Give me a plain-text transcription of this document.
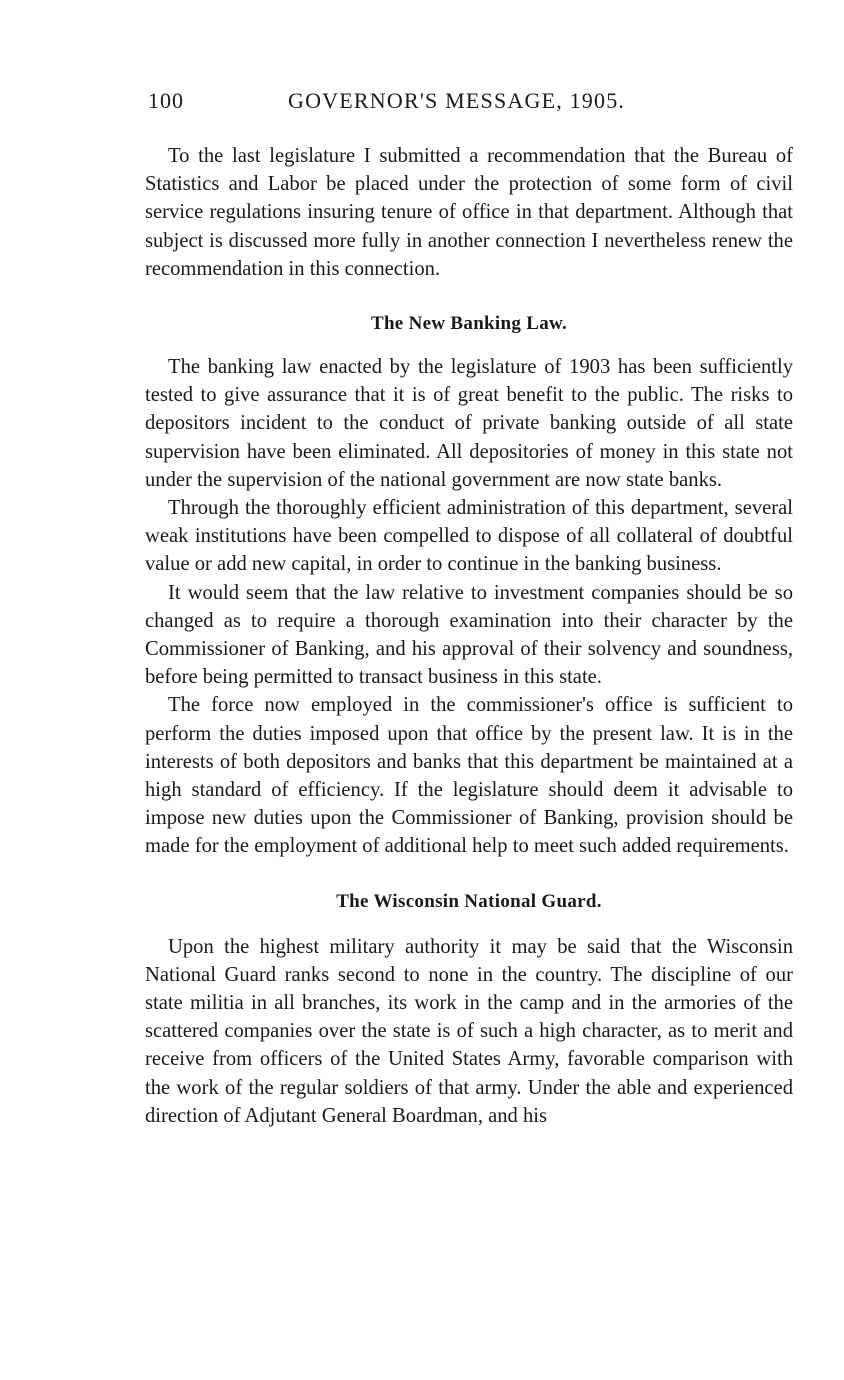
100	GOVERNOR'S MESSAGE, 1905.

To the last legislature I submitted a recommendation that the Bureau of Statistics and Labor be placed under the protection of some form of civil service regulations insuring tenure of office in that department. Although that subject is discussed more fully in another connection I nevertheless renew the recommendation in this connection.

The New Banking Law.

The banking law enacted by the legislature of 1903 has been sufficiently tested to give assurance that it is of great benefit to the public. The risks to depositors incident to the conduct of private banking outside of all state supervision have been eliminated. All depositories of money in this state not under the supervision of the national government are now state banks.

Through the thoroughly efficient administration of this department, several weak institutions have been compelled to dispose of all collateral of doubtful value or add new capital, in order to continue in the banking business.

It would seem that the law relative to investment companies should be so changed as to require a thorough examination into their character by the Commissioner of Banking, and his approval of their solvency and soundness, before being permitted to transact business in this state.

The force now employed in the commissioner's office is sufficient to perform the duties imposed upon that office by the present law. It is in the interests of both depositors and banks that this department be maintained at a high standard of efficiency. If the legislature should deem it advisable to impose new duties upon the Commissioner of Banking, provision should be made for the employment of additional help to meet such added requirements.

The Wisconsin National Guard.

Upon the highest military authority it may be said that the Wisconsin National Guard ranks second to none in the country. The discipline of our state militia in all branches, its work in the camp and in the armories of the scattered companies over the state is of such a high character, as to merit and receive from officers of the United States Army, favorable comparison with the work of the regular soldiers of that army. Under the able and experienced direction of Adjutant General Boardman, and his
